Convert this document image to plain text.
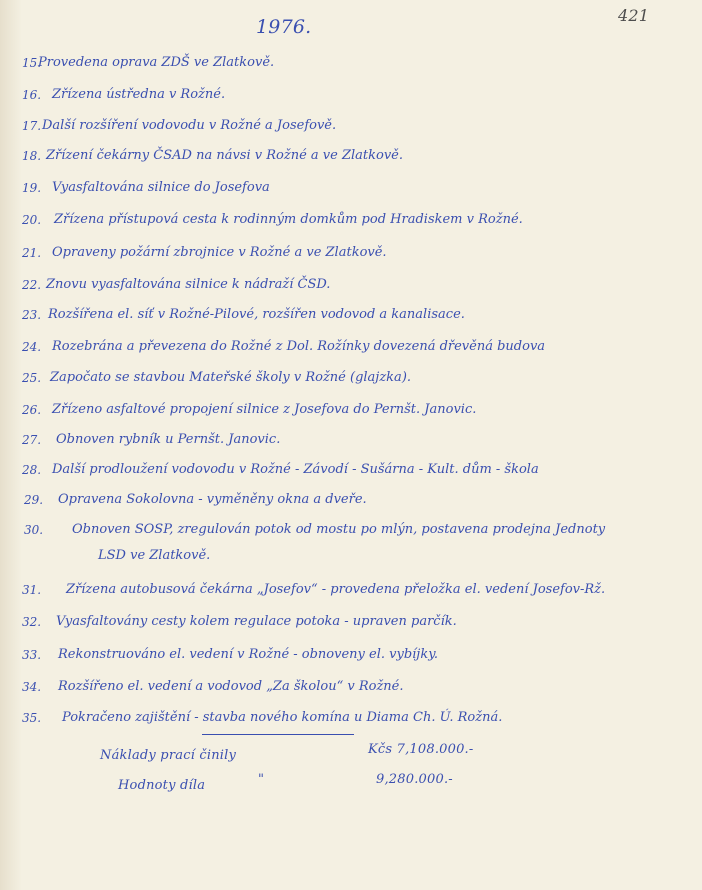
421
1976.
15.
Provedena oprava ZDŠ ve Zlatkově.
16. Zřízena ústředna v Rožné.
17. Další rozšíření vodovodu v Rožné a Josefově.
18. Zřízení čekárny ČSAD na návsi v Rožné a ve Zlatkově.
19. Vyasfaltována silnice do Josefova
20. Zřízena přístupová cesta k rodinným domkům pod Hradiskem v Rožné.
21. Opraveny požární zbrojnice v Rožné a ve Zlatkově.
22. Znovu vyasfaltována silnice k nádraží ČSD.
23. Rozšířena el. síť v Rožné-Pilové, rozšířen vodovod a kanalisace.
24. Rozebrána a převezena do Rožné z Dol. Rožínky dovezená dřevěná budova
25. Započato se stavbou Mateřské školy v Rožné (glajzka).
26. Zřízeno asfaltové propojení silnice z Josefova do Pernšt. Janovic.
27. Obnoven rybník u Pernšt. Janovic.
28. Další prodloužení vodovodu v Rožné - Závodí - Sušárna - Kult. dům - škola
29. Opravena Sokolovna - vyměněny okna a dveře.
30. Obnoven SOSP, zregulován potok od mostu po mlýn, postavena prodejna Jednoty
LSD ve Zlatkově.
31. Zřízena autobusová čekárna „Josefov“ - provedena přeložka el. vedení Josefov-Rž.
32. Vyasfaltovány cesty kolem regulace potoka - upraven parčík.
33. Rekonstruováno el. vedení v Rožné - obnoveny el. vybíjky.
34. Rozšířeno el. vedení a vodovod „Za školou“ v Rožné.
35. Pokračeno zajištění - stavba nového komína u Diama Ch. Ú. Rožná.
Náklady prací činily	Kčs 7,108.000.-
Hodnoty díla	"	9,280.000.-
